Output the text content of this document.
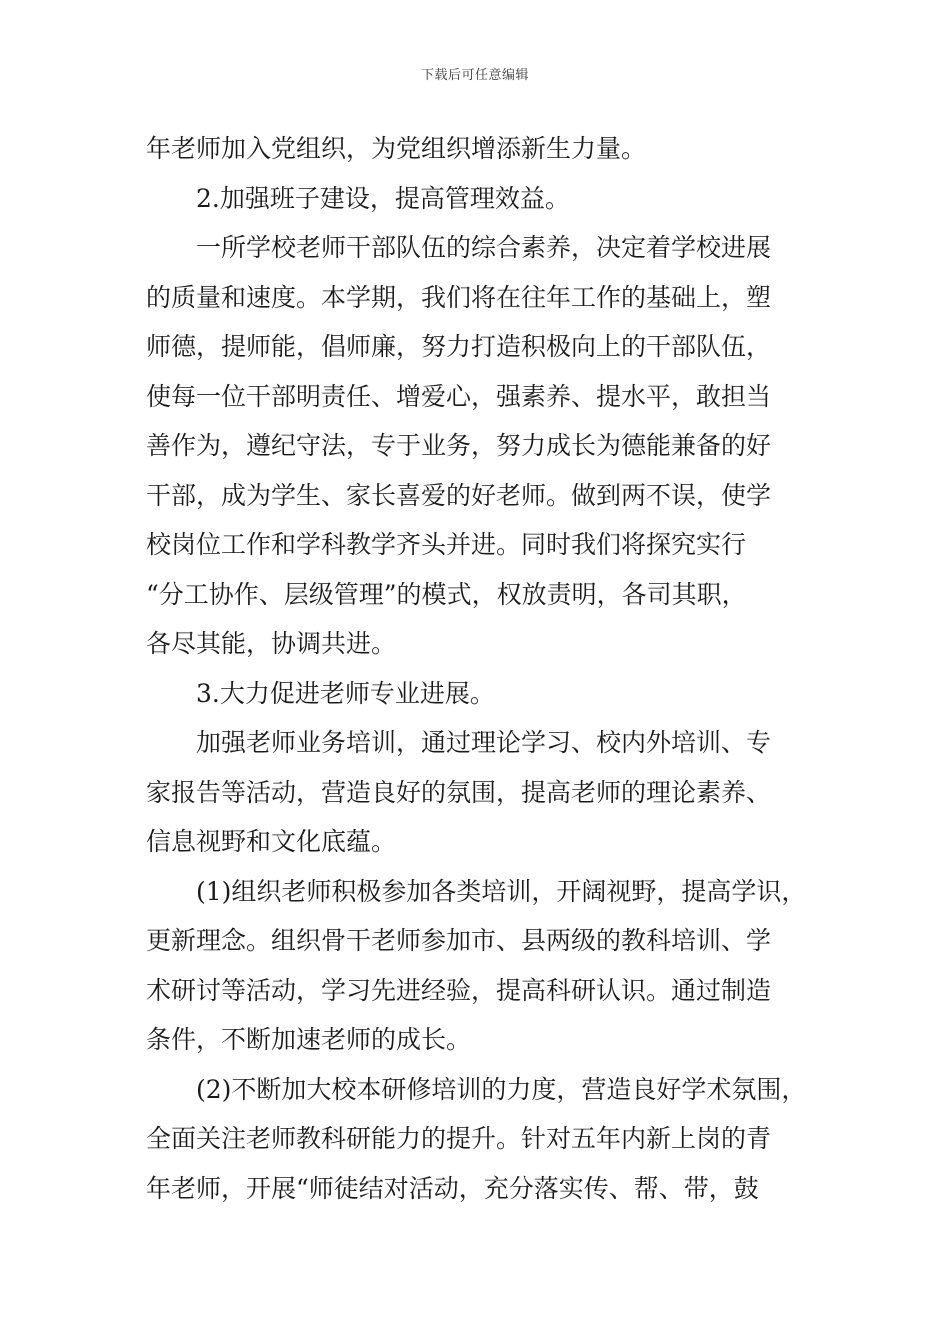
下载后可任意编辑
年老师加入党组织，为党组织增添新生力量。
2.加强班子建设，提高管理效益。
一所学校老师干部队伍的综合素养，决定着学校进展
的质量和速度。本学期，我们将在往年工作的基础上，塑
师德，提师能，倡师廉，努力打造积极向上的干部队伍，
使每一位干部明责任、增爱心，强素养、提水平，敢担当
善作为，遵纪守法，专于业务，努力成长为德能兼备的好
干部，成为学生、家长喜爱的好老师。做到两不误，使学
校岗位工作和学科教学齐头并进。同时我们将探究实行
“分工协作、层级管理”的模式，权放责明，各司其职，
各尽其能，协调共进。
3.大力促进老师专业进展。
加强老师业务培训，通过理论学习、校内外培训、专
家报告等活动，营造良好的氛围，提高老师的理论素养、
信息视野和文化底蕴。
(1)组织老师积极参加各类培训，开阔视野，提高学识，
更新理念。组织骨干老师参加市、县两级的教科培训、学
术研讨等活动，学习先进经验，提高科研认识。通过制造
条件，不断加速老师的成长。
(2)不断加大校本研修培训的力度，营造良好学术氛围，
全面关注老师教科研能力的提升。针对五年内新上岗的青
年老师，开展“师徒结对活动，充分落实传、帮、带，鼓
